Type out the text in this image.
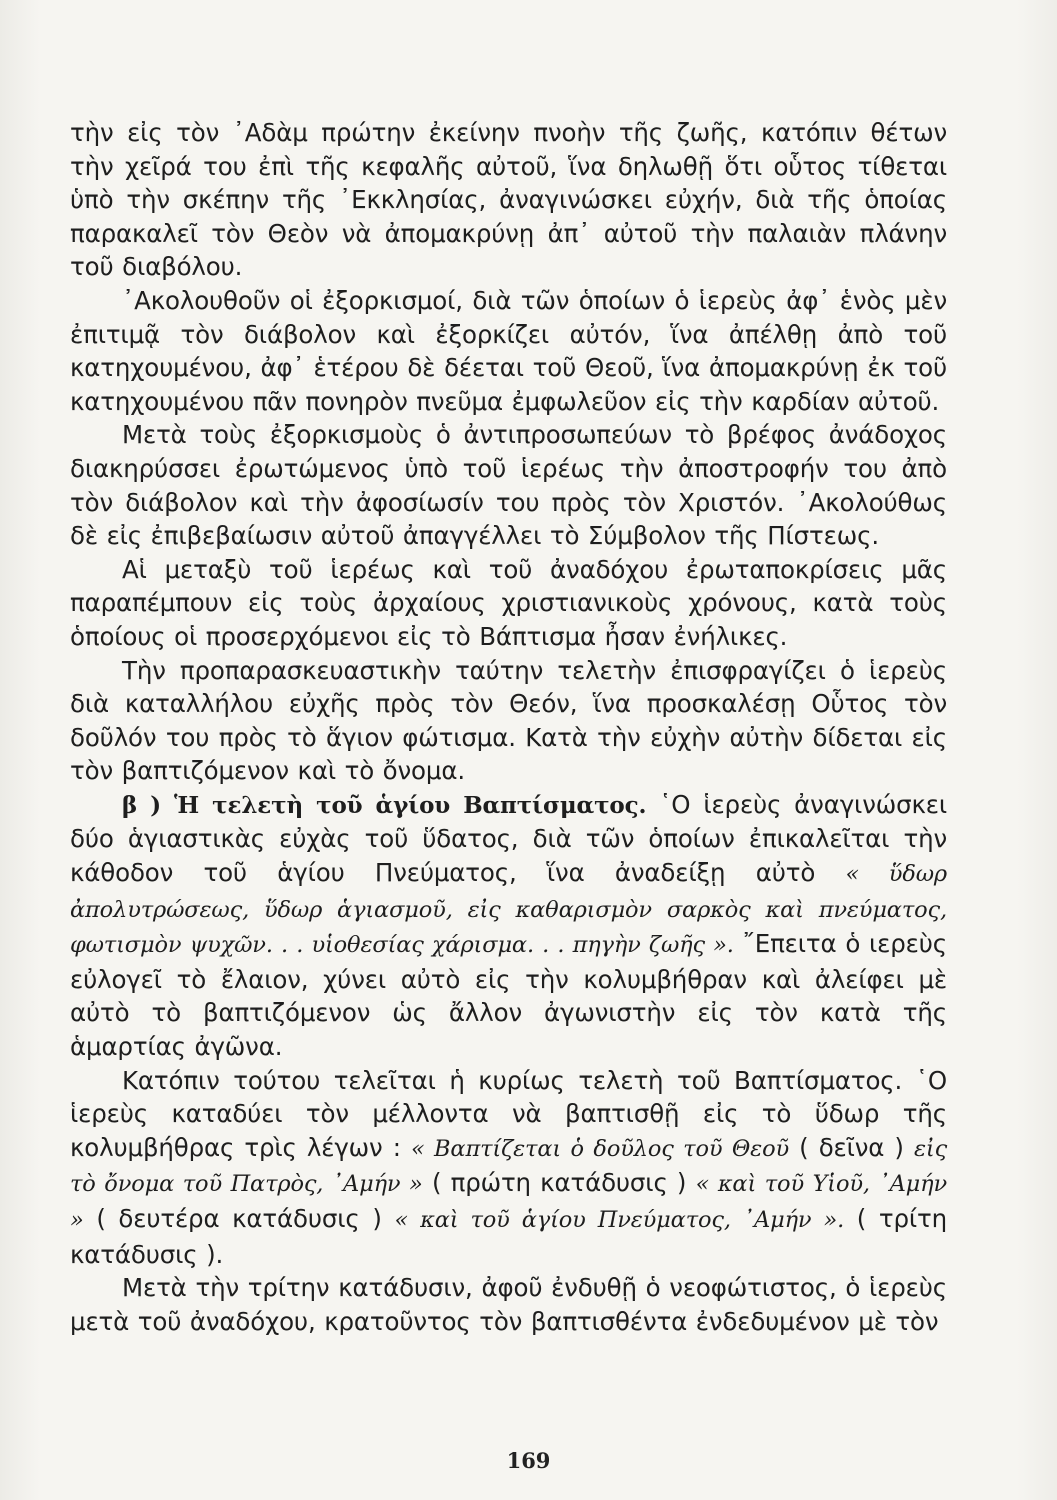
τὴν εἰς τὸν ᾿Αδὰμ πρώτην ἐκείνην πνοὴν τῆς ζωῆς, κατόπιν θέτων τὴν χεῖρά του ἐπὶ τῆς κεφαλῆς αὐτοῦ, ἵνα δηλωθῇ ὅτι οὗτος τίθεται ὑπὸ τὴν σκέπην τῆς ᾿Εκκλησίας, ἀναγινώσκει εὐχήν, διὰ τῆς ὁποίας παρακαλεῖ τὸν Θεὸν νὰ ἀπομακρύνῃ ἀπ᾿ αὐτοῦ τὴν παλαιὰν πλάνην τοῦ διαβόλου.

᾿Ακολουθοῦν οἱ ἐξορκισμοί, διὰ τῶν ὁποίων ὁ ἱερεὺς ἀφ᾿ ἑνὸς μὲν ἐπιτιμᾷ τὸν διάβολον καὶ ἐξορκίζει αὐτόν, ἵνα ἀπέλθῃ ἀπὸ τοῦ κατηχουμένου, ἀφ᾿ ἑτέρου δὲ δέεται τοῦ Θεοῦ, ἵνα ἀπομακρύνῃ ἐκ τοῦ κατηχουμένου πᾶν πονηρὸν πνεῦμα ἐμφωλεῦον εἰς τὴν καρδίαν αὐτοῦ.

Μετὰ τοὺς ἐξορκισμοὺς ὁ ἀντιπροσωπεύων τὸ βρέφος ἀνάδοχος διακηρύσσει ἐρωτώμενος ὑπὸ τοῦ ἱερέως τὴν ἀποστροφήν του ἀπὸ τὸν διάβολον καὶ τὴν ἀφοσίωσίν του πρὸς τὸν Χριστόν. ᾿Ακολούθως δὲ εἰς ἐπιβεβαίωσιν αὐτοῦ ἀπαγγέλλει τὸ Σύμβολον τῆς Πίστεως.

Αἱ μεταξὺ τοῦ ἱερέως καὶ τοῦ ἀναδόχου ἐρωταποκρίσεις μᾶς παραπέμπουν εἰς τοὺς ἀρχαίους χριστιανικοὺς χρόνους, κατὰ τοὺς ὁποίους οἱ προσερχόμενοι εἰς τὸ Βάπτισμα ἦσαν ἐνήλικες.

Τὴν προπαρασκευαστικὴν ταύτην τελετὴν ἐπισφραγίζει ὁ ἱερεὺς διὰ καταλλήλου εὐχῆς πρὸς τὸν Θεόν, ἵνα προσκαλέσῃ Οὗτος τὸν δοῦλόν του πρὸς τὸ ἅγιον φώτισμα. Κατὰ τὴν εὐχὴν αὐτὴν δίδεται εἰς τὸν βαπτιζόμενον καὶ τὸ ὄνομα.

β ) Ἡ τελετὴ τοῦ ἁγίου Βαπτίσματος. ῾Ο ἱερεὺς ἀναγινώσκει δύο ἁγιαστικὰς εὐχὰς τοῦ ὕδατος, διὰ τῶν ὁποίων ἐπικαλεῖται τὴν κάθοδον τοῦ ἁγίου Πνεύματος, ἵνα ἀναδείξῃ αὐτὸ « ὕδωρ ἀπολυτρώσεως, ὕδωρ ἁγιασμοῦ, εἰς καθαρισμὸν σαρκὸς καὶ πνεύματος, φωτισμὸν ψυχῶν. . . υἱοθεσίας χάρισμα. . . πηγὴν ζωῆς ». ῎Επειτα ὁ ιερεὺς εὐλογεῖ τὸ ἔλαιον, χύνει αὐτὸ εἰς τὴν κολυμβήθραν καὶ ἀλείφει μὲ αὐτὸ τὸ βαπτιζόμενον ὡς ἄλλον ἀγωνιστὴν εἰς τὸν κατὰ τῆς ἁμαρτίας ἀγῶνα.

Κατόπιν τούτου τελεῖται ἡ κυρίως τελετὴ τοῦ Βαπτίσματος. ῾Ο ἱερεὺς καταδύει τὸν μέλλοντα νὰ βαπτισθῇ εἰς τὸ ὕδωρ τῆς κολυμβήθρας τρὶς λέγων : « Βαπτίζεται ὁ δοῦλος τοῦ Θεοῦ ( δεῖνα ) εἰς τὸ ὄνομα τοῦ Πατρὸς, ᾿Αμήν » ( πρώτη κατάδυσις ) « καὶ τοῦ Υἱοῦ, ᾿Αμήν » ( δευτέρα κατάδυσις ) « καὶ τοῦ ἁγίου Πνεύματος, ᾿Αμήν ». ( τρίτη κατάδυσις ).

Μετὰ τὴν τρίτην κατάδυσιν, ἀφοῦ ἐνδυθῇ ὁ νεοφώτιστος, ὁ ἱερεὺς μετὰ τοῦ ἀναδόχου, κρατοῦντος τὸν βαπτισθέντα ἐνδεδυμένον μὲ τὸν

169
